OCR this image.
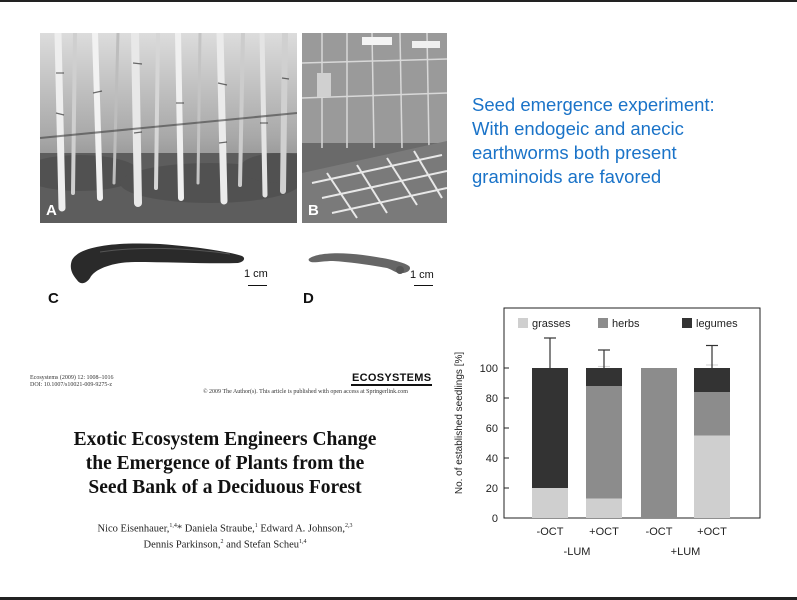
A	B
C
1 cm
D
1 cm
Seed emergence experiment:
With endogeic and anecic
earthworms both present
graminoids are favored
Ecosystems (2009) 12: 1008–1016
DOI: 10.1007/s10021-009-9275-z
ECOSYSTEMS
© 2009 The Author(s). This article is published with open access at Springerlink.com
Exotic Ecosystem Engineers Change
the Emergence of Plants from the
Seed Bank of a Deciduous Forest
Nico Eisenhauer,$^{1,4}$* Daniela Straube,$^1$ Edward A. Johnson,$^{2,3}$
Dennis Parkinson,$^2$ and Stefan Scheu$^{1,4}$
0
20
40
60
80
100
No. of established seedlings [%]
grasses	herbs	legumes
-OCT +OCT -OCT +OCT
-LUM	+LUM
